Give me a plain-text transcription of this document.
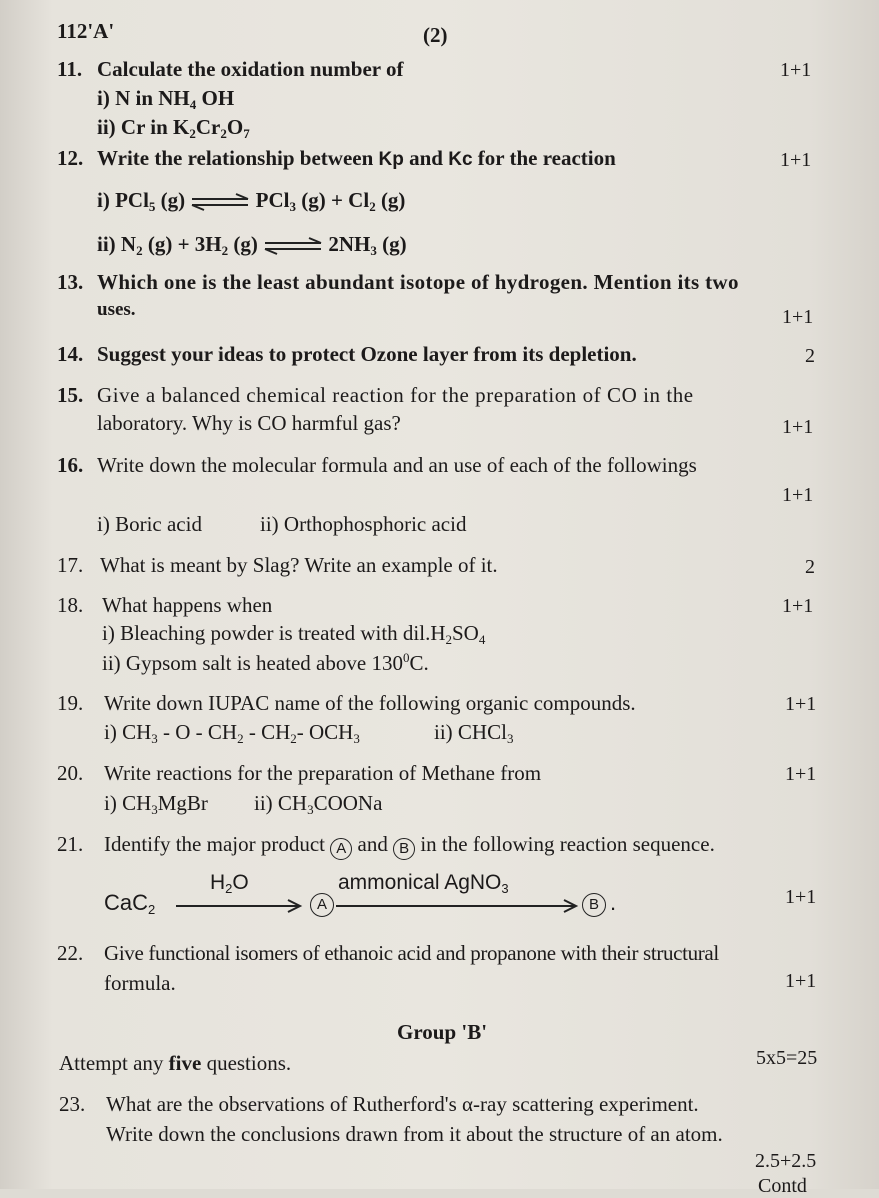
112'A'	(2)
11. Calculate the oxidation number of	1+1
i) N in $NH_4$ OH
ii) Cr in $K_2Cr_2O_7$
12. Write the relationship between Kp and Kc for the reaction	1+1
i) PCl$_5$ (g) ⇌ PCl$_3$ $(g) + Cl_2$ (g)
ii) $N_2$ $(g) + 3H_2$ (g) ⇌ $2NH_3$ (g)
13. Which one is the least abundant isotope of hydrogen. Mention its two
uses.	1+1
14. Suggest your ideas to protect Ozone layer from its depletion.	2
15. Give a balanced chemical reaction for the preparation of CO in the
laboratory. Why is CO harmful gas?	1+1
16. Write down the molecular formula and an use of each of the followings
1+1
i) Boric acid	ii) Orthophosphoric acid
17. What is meant by Slag? Write an example of it.	2
18. What happens when	1+1
i) Bleaching powder is treated with $dil.H_2SO_4$
ii) Gypsom salt is heated above $130^0C$.
19. Write down IUPAC name of the following organic compounds.	1+1
i) $CH_3$ - O - $CH_2 - CH_2-$ $OCH_3$	ii) CHCl$_3$
20. Write reactions for the preparation of Methane from	1+1
i) $CH_3MgBr$ ii) $CH_3COONa$
21. Identify the major product A and B in the following reaction sequence.
CaC$_2$
$H_2O$
A
ammonical AgNO$_3$
B .	1+1
22. Give functional isomers of ethanoic acid and propanone with their structural
formula.	1+1
Group 'B'
Attempt any five questions.	5x5=25
23. What are the observations of Rutherford's α-ray scattering experiment.
Write down the conclusions drawn from it about the structure of an atom.
2.5+2.5
Contd
